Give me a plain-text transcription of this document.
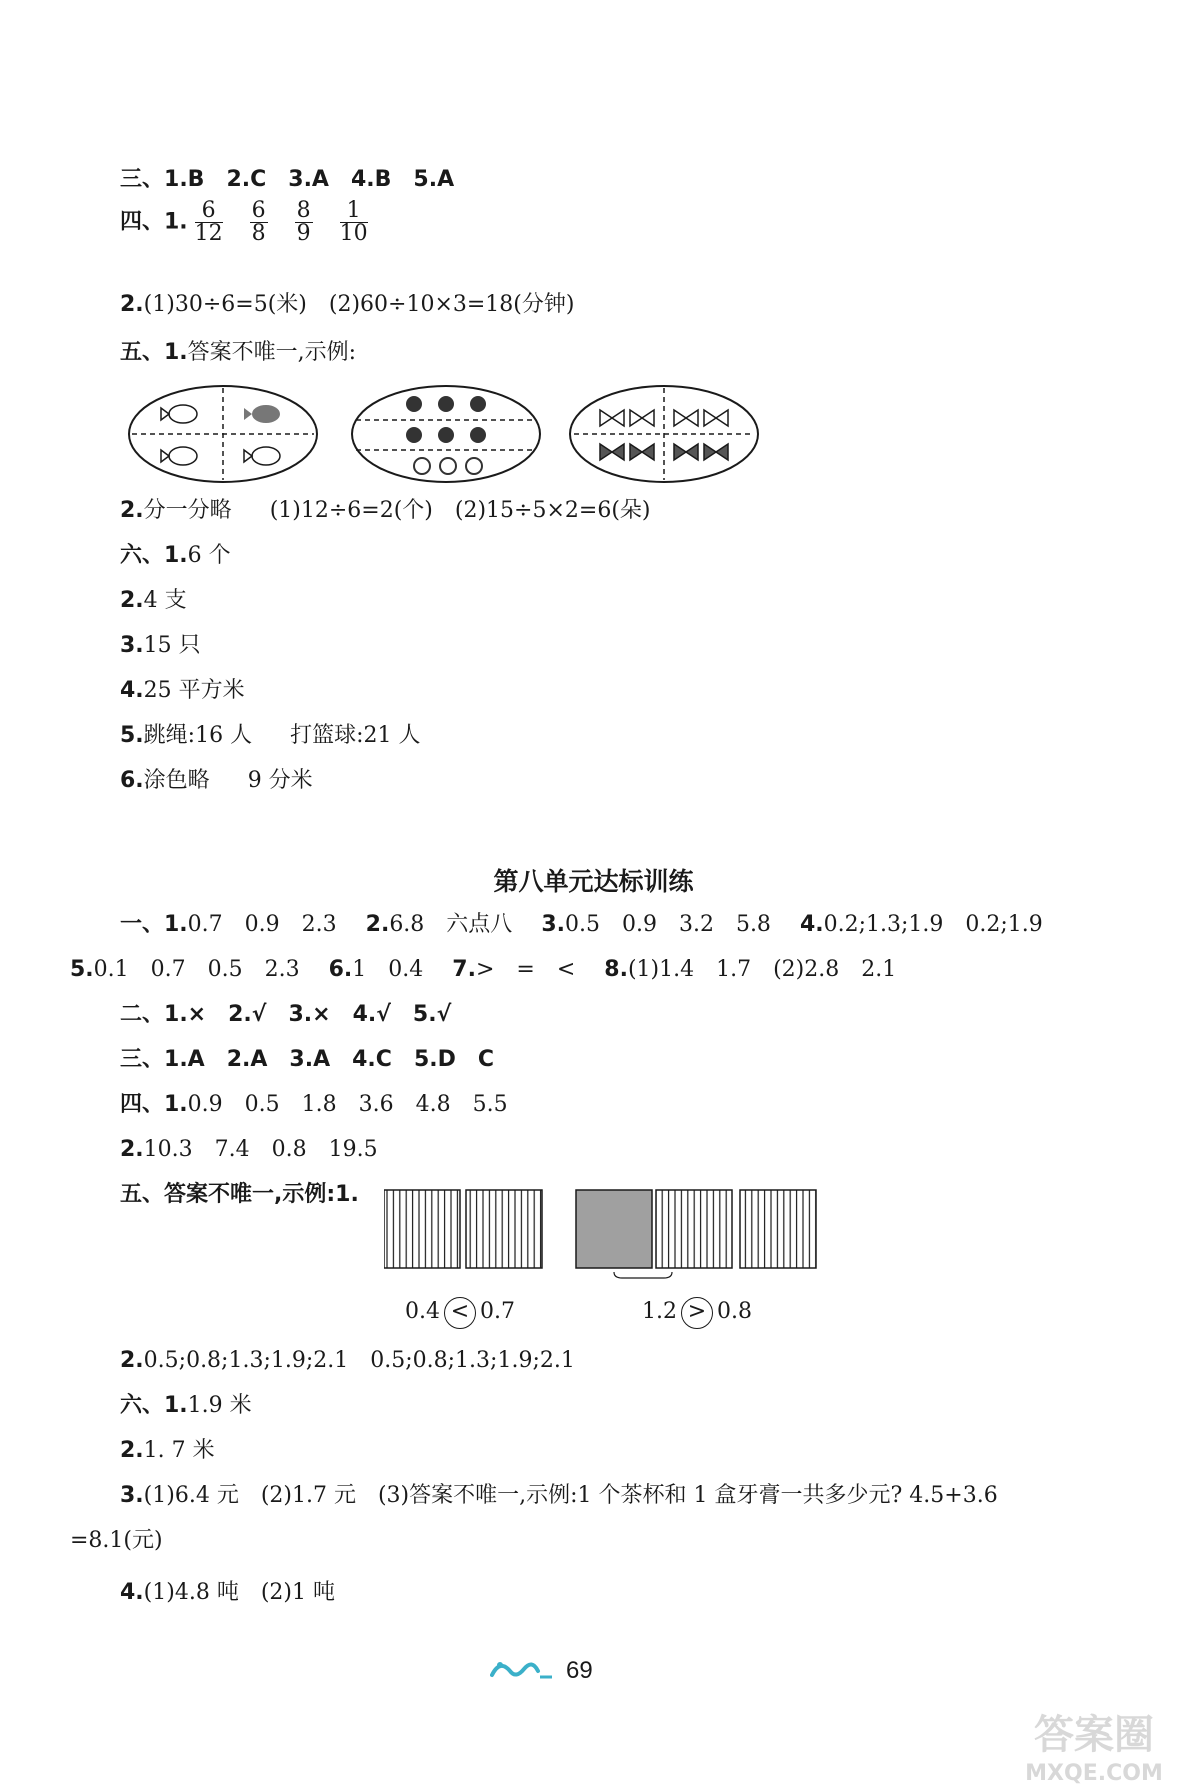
三、1.B 2.C 3.A 4.B 5.A
四、1. $\frac{6}{12}$
$\frac{6}{8}$
$\frac{8}{9}$
$\frac{1}{10}$
2.(1)30÷6=5(米) (2)60÷10×3=18(分钟)
五、1.答案不唯一,示例:
2.分一分略 (1)12÷6=2(个) (2)15÷5×2=6(朵)
六、1.6 个
2.4 支
3.15 只
4.25 平方米
5.跳绳:16 人 打篮球:21 人
6.涂色略 9 分米
第八单元达标训练
一、1.0.7　0.9　2.3 2.6.8　六点八 3.0.5　0.9　3.2　5.8 4.0.2;1.3;1.9　0.2;1.9
5.0.1　0.7　0.5　2.3 6.1　0.4 7.>　=　< 8.(1)1.4　1.7　(2)2.8　2.1
二、1.× 2.√ 3.× 4.√ 5.√
三、1.A 2.A 3.A 4.C 5.D　C
四、1.0.9　0.5　1.8　3.6　4.8　5.5
2.10.3　7.4　0.8　19.5
五、答案不唯一,示例:1.
0.4 < 0.7	1.2 > 0.8
2.0.5;0.8;1.3;1.9;2.1　0.5;0.8;1.3;1.9;2.1
六、1.1.9 米
2.1. 7 米
3.(1)6.4 元　(2)1.7 元　(3)答案不唯一,示例:1 个茶杯和 1 盒牙膏一共多少元? 4.5+3.6
=8.1(元)
4.(1)4.8 吨　(2)1 吨
69
答案圈
MXQE.COM
